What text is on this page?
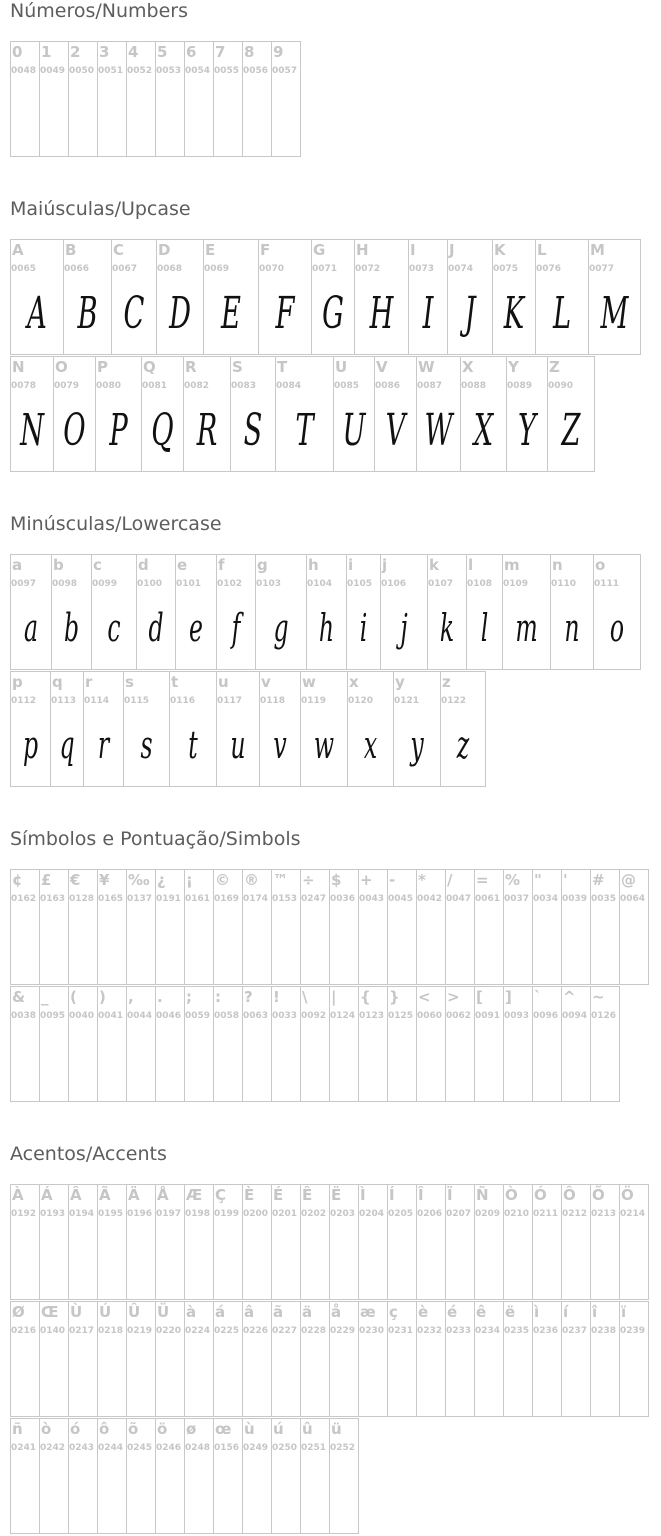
Números/Numbers
0
0048
1
0049
2
0050
3
0051
4
0052
5
0053
6
0054
7
0055
8
0056
9
0057
Maiúsculas/Upcase
A
0065
A
B
0066
B
C
0067
C
D
0068
D
E
0069
E
F
0070
F
G
0071
G
H
0072
H
I
0073
I
J
0074
J
K
0075
K
L
0076
L
M
0077
M
N
0078
N
O
0079
O
P
0080
P
Q
0081
Q
R
0082
R
S
0083
S
T
0084
T
U
0085
U
V
0086
V
W
0087
W
X
0088
X
Y
0089
Y
Z
0090
Z
Minúsculas/Lowercase
a
0097
a
b
0098
b
c
0099
c
d
0100
d
e
0101
e
f
0102
f
g
0103
g
h
0104
h
i
0105
i
j
0106
j
k
0107
k
l
0108
l
m
0109
m
n
0110
n
o
0111
o
p
0112
p
q
0113
q
r
0114
r
s
0115
s
t
0116
t
u
0117
u
v
0118
v
w
0119
w
x
0120
x
y
0121
y
z
0122
z
Símbolos e Pontuação/Simbols
¢
0162
£
0163
€
0128
¥
0165
‰
0137
¿
0191
¡
0161
©
0169
®
0174
™
0153
÷
0247
$
0036
+
0043
-
0045
*
0042
/
0047
=
0061
%
0037
"
0034
'
0039
#
0035
@
0064
&
0038
_
0095
(
0040
)
0041
,
0044
.
0046
;
0059
:
0058
?
0063
!
0033
\
0092
|
0124
{
0123
}
0125
<
0060
>
0062
[
0091
]
0093
`
0096
^
0094
~
0126
Acentos/Accents
À
0192
Á
0193
Â
0194
Ã
0195
Ä
0196
Å
0197
Æ
0198
Ç
0199
È
0200
É
0201
Ê
0202
Ë
0203
Ì
0204
Í
0205
Î
0206
Ï
0207
Ñ
0209
Ò
0210
Ó
0211
Ô
0212
Õ
0213
Ö
0214
Ø
0216
Œ
0140
Ù
0217
Ú
0218
Û
0219
Ü
0220
à
0224
á
0225
â
0226
ã
0227
ä
0228
å
0229
æ
0230
ç
0231
è
0232
é
0233
ê
0234
ë
0235
ì
0236
í
0237
î
0238
ï
0239
ñ
0241
ò
0242
ó
0243
ô
0244
õ
0245
ö
0246
ø
0248
œ
0156
ù
0249
ú
0250
û
0251
ü
0252
